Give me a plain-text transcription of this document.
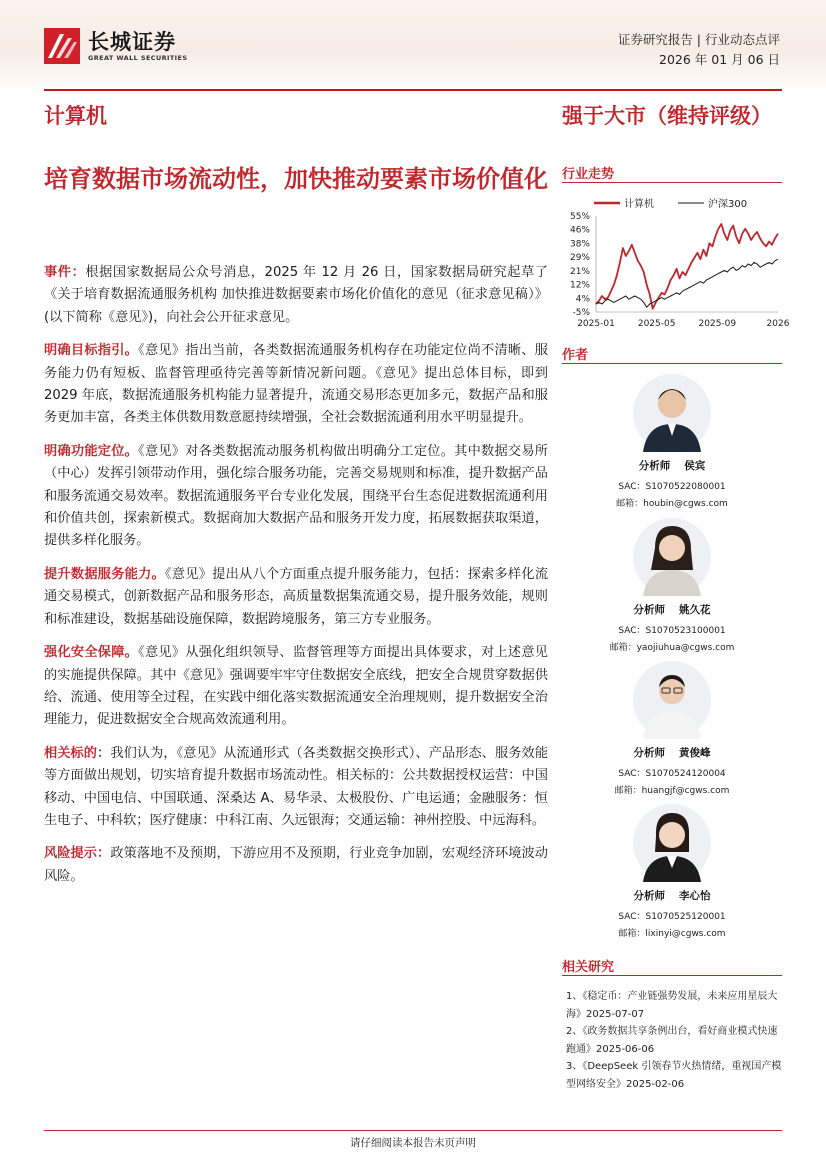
长城证券
GREAT WALL SECURITIES
证券研究报告 | 行业动态点评
2026 年 01 月 06 日
计算机	强于大市（维持评级）
培育数据市场流动性，加快推动要素市场价值化

事件：根据国家数据局公众号消息，2025 年 12 月 26 日，国家数据局研究起草了《关于培育数据流通服务机构 加快推进数据要素市场化价值化的意见（征求意见稿）》(以下简称《意见》)，向社会公开征求意见。

明确目标指引。《意见》指出当前，各类数据流通服务机构存在功能定位尚不清晰、服务能力仍有短板、监督管理亟待完善等新情况新问题。《意见》提出总体目标，即到 2029 年底，数据流通服务机构能力显著提升，流通交易形态更加多元，数据产品和服务更加丰富，各类主体供数用数意愿持续增强，全社会数据流通利用水平明显提升。

明确功能定位。《意见》对各类数据流动服务机构做出明确分工定位。其中数据交易所（中心）发挥引领带动作用，强化综合服务功能，完善交易规则和标准，提升数据产品和服务流通交易效率。数据流通服务平台专业化发展，围绕平台生态促进数据流通利用和价值共创，探索新模式。数据商加大数据产品和服务开发力度，拓展数据获取渠道，提供多样化服务。

提升数据服务能力。《意见》提出从八个方面重点提升服务能力，包括：探索多样化流通交易模式，创新数据产品和服务形态，高质量数据集流通交易，提升服务效能，规则和标准建设，数据基础设施保障，数据跨境服务，第三方专业服务。

强化安全保障。《意见》从强化组织领导、监督管理等方面提出具体要求，对上述意见的实施提供保障。其中《意见》强调要牢牢守住数据安全底线，把安全合规贯穿数据供给、流通、使用等全过程，在实践中细化落实数据流通安全治理规则，提升数据安全治理能力，促进数据安全合规高效流通利用。

相关标的：我们认为，《意见》从流通形式（各类数据交换形式）、产品形态、服务效能等方面做出规划，切实培育提升数据市场流动性。相关标的：公共数据授权运营：中国移动、中国电信、中国联通、深桑达 A、易华录、太极股份、广电运通；金融服务：恒生电子、中科软；医疗健康：中科江南、久远银海；交通运输：神州控股、中远海科。

风险提示：政策落地不及预期，下游应用不及预期，行业竞争加剧，宏观经济环境波动风险。

行业走势
计算机	沪深300
55%
46%
38%
29%
21%
12%
4%
-5%
2025-01	2025-05	2025-09	2026
作者
分析师 侯宾
SAC：S1070522080001
邮箱：houbin@cgws.com
分析师 姚久花
SAC：S1070523100001
邮箱：yaojiuhua@cgws.com
分析师 黄俊峰
SAC：S1070524120004
邮箱：huangjf@cgws.com
分析师 李心怡
SAC：S1070525120001
邮箱：lixinyi@cgws.com
相关研究
1、《稳定币：产业链强势发展，未来应用星辰大海》2025-07-07
2、《政务数据共享条例出台，看好商业模式快速跑通》2025-06-06
3、《DeepSeek 引领春节火热情绪，重视国产模型网络安全》2025-02-06
请仔细阅读本报告末页声明
